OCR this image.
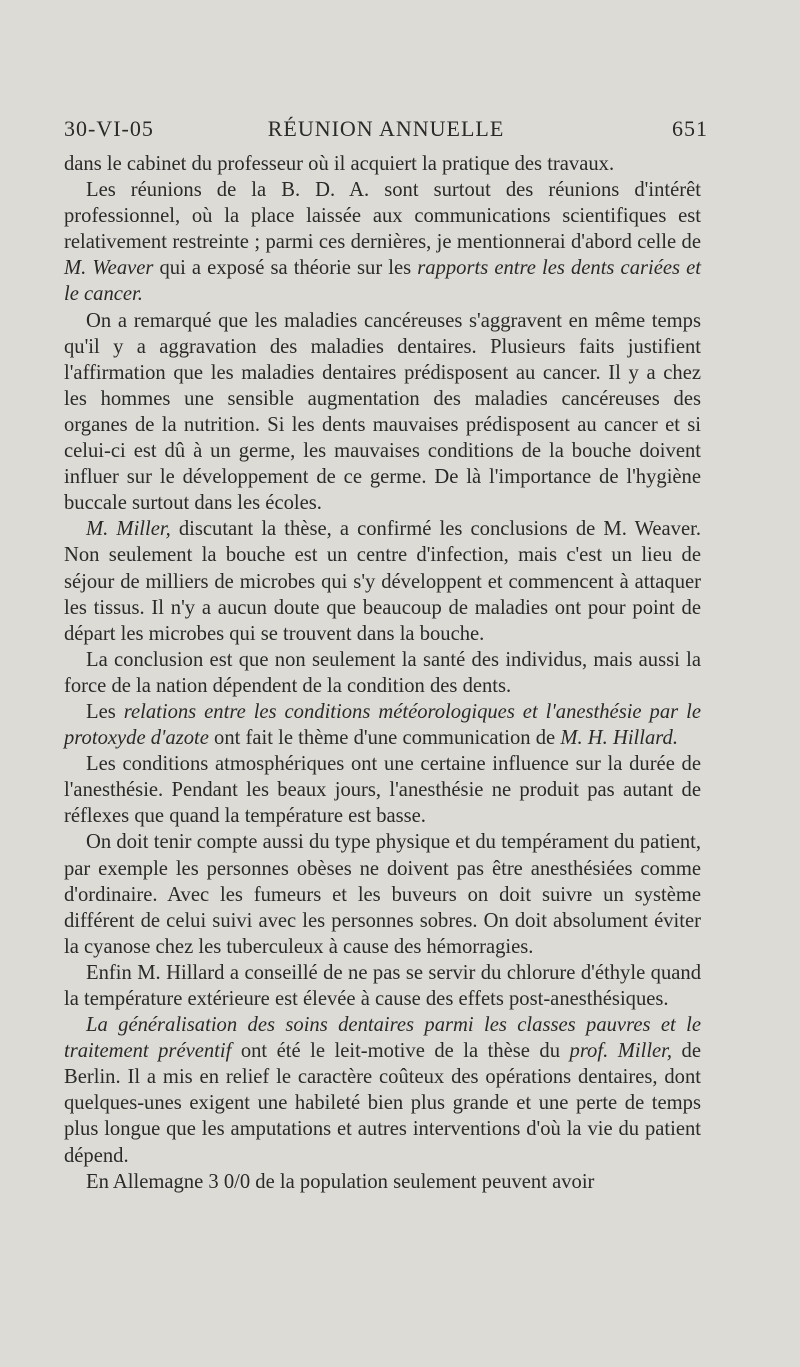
30-VI-05	RÉUNION ANNUELLE	651

dans le cabinet du professeur où il acquiert la pratique des travaux.

Les réunions de la B. D. A. sont surtout des réunions d'intérêt professionnel, où la place laissée aux communications scientifiques est relativement restreinte ; parmi ces dernières, je mentionnerai d'abord celle de M. Weaver qui a exposé sa théorie sur les rapports entre les dents cariées et le cancer.

On a remarqué que les maladies cancéreuses s'aggravent en même temps qu'il y a aggravation des maladies dentaires. Plusieurs faits justifient l'affirmation que les maladies dentaires prédisposent au cancer. Il y a chez les hommes une sensible augmentation des maladies cancéreuses des organes de la nutrition. Si les dents mauvaises prédisposent au cancer et si celui-ci est dû à un germe, les mauvaises conditions de la bouche doivent influer sur le développement de ce germe. De là l'importance de l'hygiène buccale surtout dans les écoles.

M. Miller, discutant la thèse, a confirmé les conclusions de M. Weaver. Non seulement la bouche est un centre d'infection, mais c'est un lieu de séjour de milliers de microbes qui s'y développent et commencent à attaquer les tissus. Il n'y a aucun doute que beaucoup de maladies ont pour point de départ les microbes qui se trouvent dans la bouche.

La conclusion est que non seulement la santé des individus, mais aussi la force de la nation dépendent de la condition des dents.

Les relations entre les conditions météorologiques et l'anesthésie par le protoxyde d'azote ont fait le thème d'une communication de M. H. Hillard.

Les conditions atmosphériques ont une certaine influence sur la durée de l'anesthésie. Pendant les beaux jours, l'anesthésie ne produit pas autant de réflexes que quand la température est basse.

On doit tenir compte aussi du type physique et du tempérament du patient, par exemple les personnes obèses ne doivent pas être anesthésiées comme d'ordinaire. Avec les fumeurs et les buveurs on doit suivre un système différent de celui suivi avec les personnes sobres. On doit absolument éviter la cyanose chez les tuberculeux à cause des hémorragies.

Enfin M. Hillard a conseillé de ne pas se servir du chlorure d'éthyle quand la température extérieure est élevée à cause des effets post-anesthésiques.

La généralisation des soins dentaires parmi les classes pauvres et le traitement préventif ont été le leit-motive de la thèse du prof. Miller, de Berlin. Il a mis en relief le caractère coûteux des opérations dentaires, dont quelques-unes exigent une habileté bien plus grande et une perte de temps plus longue que les amputations et autres interventions d'où la vie du patient dépend.

En Allemagne 3 0/0 de la population seulement peuvent avoir
